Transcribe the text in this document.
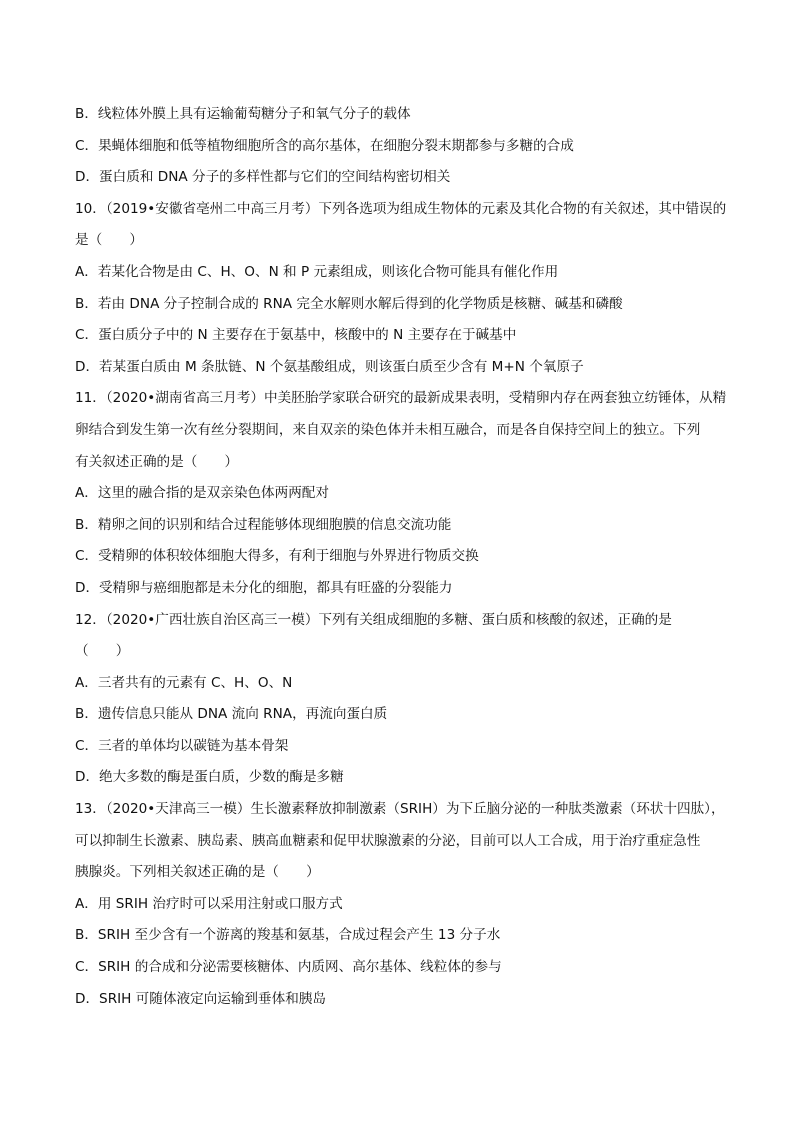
B．线粒体外膜上具有运输葡萄糖分子和氧气分子的载体
C．果蝇体细胞和低等植物细胞所含的高尔基体，在细胞分裂末期都参与多糖的合成
D．蛋白质和 DNA 分子的多样性都与它们的空间结构密切相关
10．（2019•安徽省亳州二中高三月考）下列各选项为组成生物体的元素及其化合物的有关叙述，其中错误的
是（　　）
A．若某化合物是由 C、H、O、N 和 P 元素组成，则该化合物可能具有催化作用
B．若由 DNA 分子控制合成的 RNA 完全水解则水解后得到的化学物质是核糖、碱基和磷酸
C．蛋白质分子中的 N 主要存在于氨基中，核酸中的 N 主要存在于碱基中
D．若某蛋白质由 M 条肽链、N 个氨基酸组成，则该蛋白质至少含有 M+N 个氧原子
11．（2020•湖南省高三月考）中美胚胎学家联合研究的最新成果表明，受精卵内存在两套独立纺锤体，从精
卵结合到发生第一次有丝分裂期间，来自双亲的染色体并未相互融合，而是各自保持空间上的独立。下列
有关叙述正确的是（　　）
A．这里的融合指的是双亲染色体两两配对
B．精卵之间的识别和结合过程能够体现细胞膜的信息交流功能
C．受精卵的体积较体细胞大得多，有利于细胞与外界进行物质交换
D．受精卵与癌细胞都是未分化的细胞，都具有旺盛的分裂能力
12．（2020•广西壮族自治区高三一模）下列有关组成细胞的多糖、蛋白质和核酸的叙述，正确的是
（　　）
A．三者共有的元素有 C、H、O、N
B．遗传信息只能从 DNA 流向 RNA，再流向蛋白质
C．三者的单体均以碳链为基本骨架
D．绝大多数的酶是蛋白质，少数的酶是多糖
13．（2020•天津高三一模）生长激素释放抑制激素（SRIH）为下丘脑分泌的一种肽类激素（环状十四肽），
可以抑制生长激素、胰岛素、胰高血糖素和促甲状腺激素的分泌，目前可以人工合成，用于治疗重症急性
胰腺炎。下列相关叙述正确的是（　　）
A．用 SRIH 治疗时可以采用注射或口服方式
B．SRIH 至少含有一个游离的羧基和氨基，合成过程会产生 13 分子水
C．SRIH 的合成和分泌需要核糖体、内质网、高尔基体、线粒体的参与
D．SRIH 可随体液定向运输到垂体和胰岛
